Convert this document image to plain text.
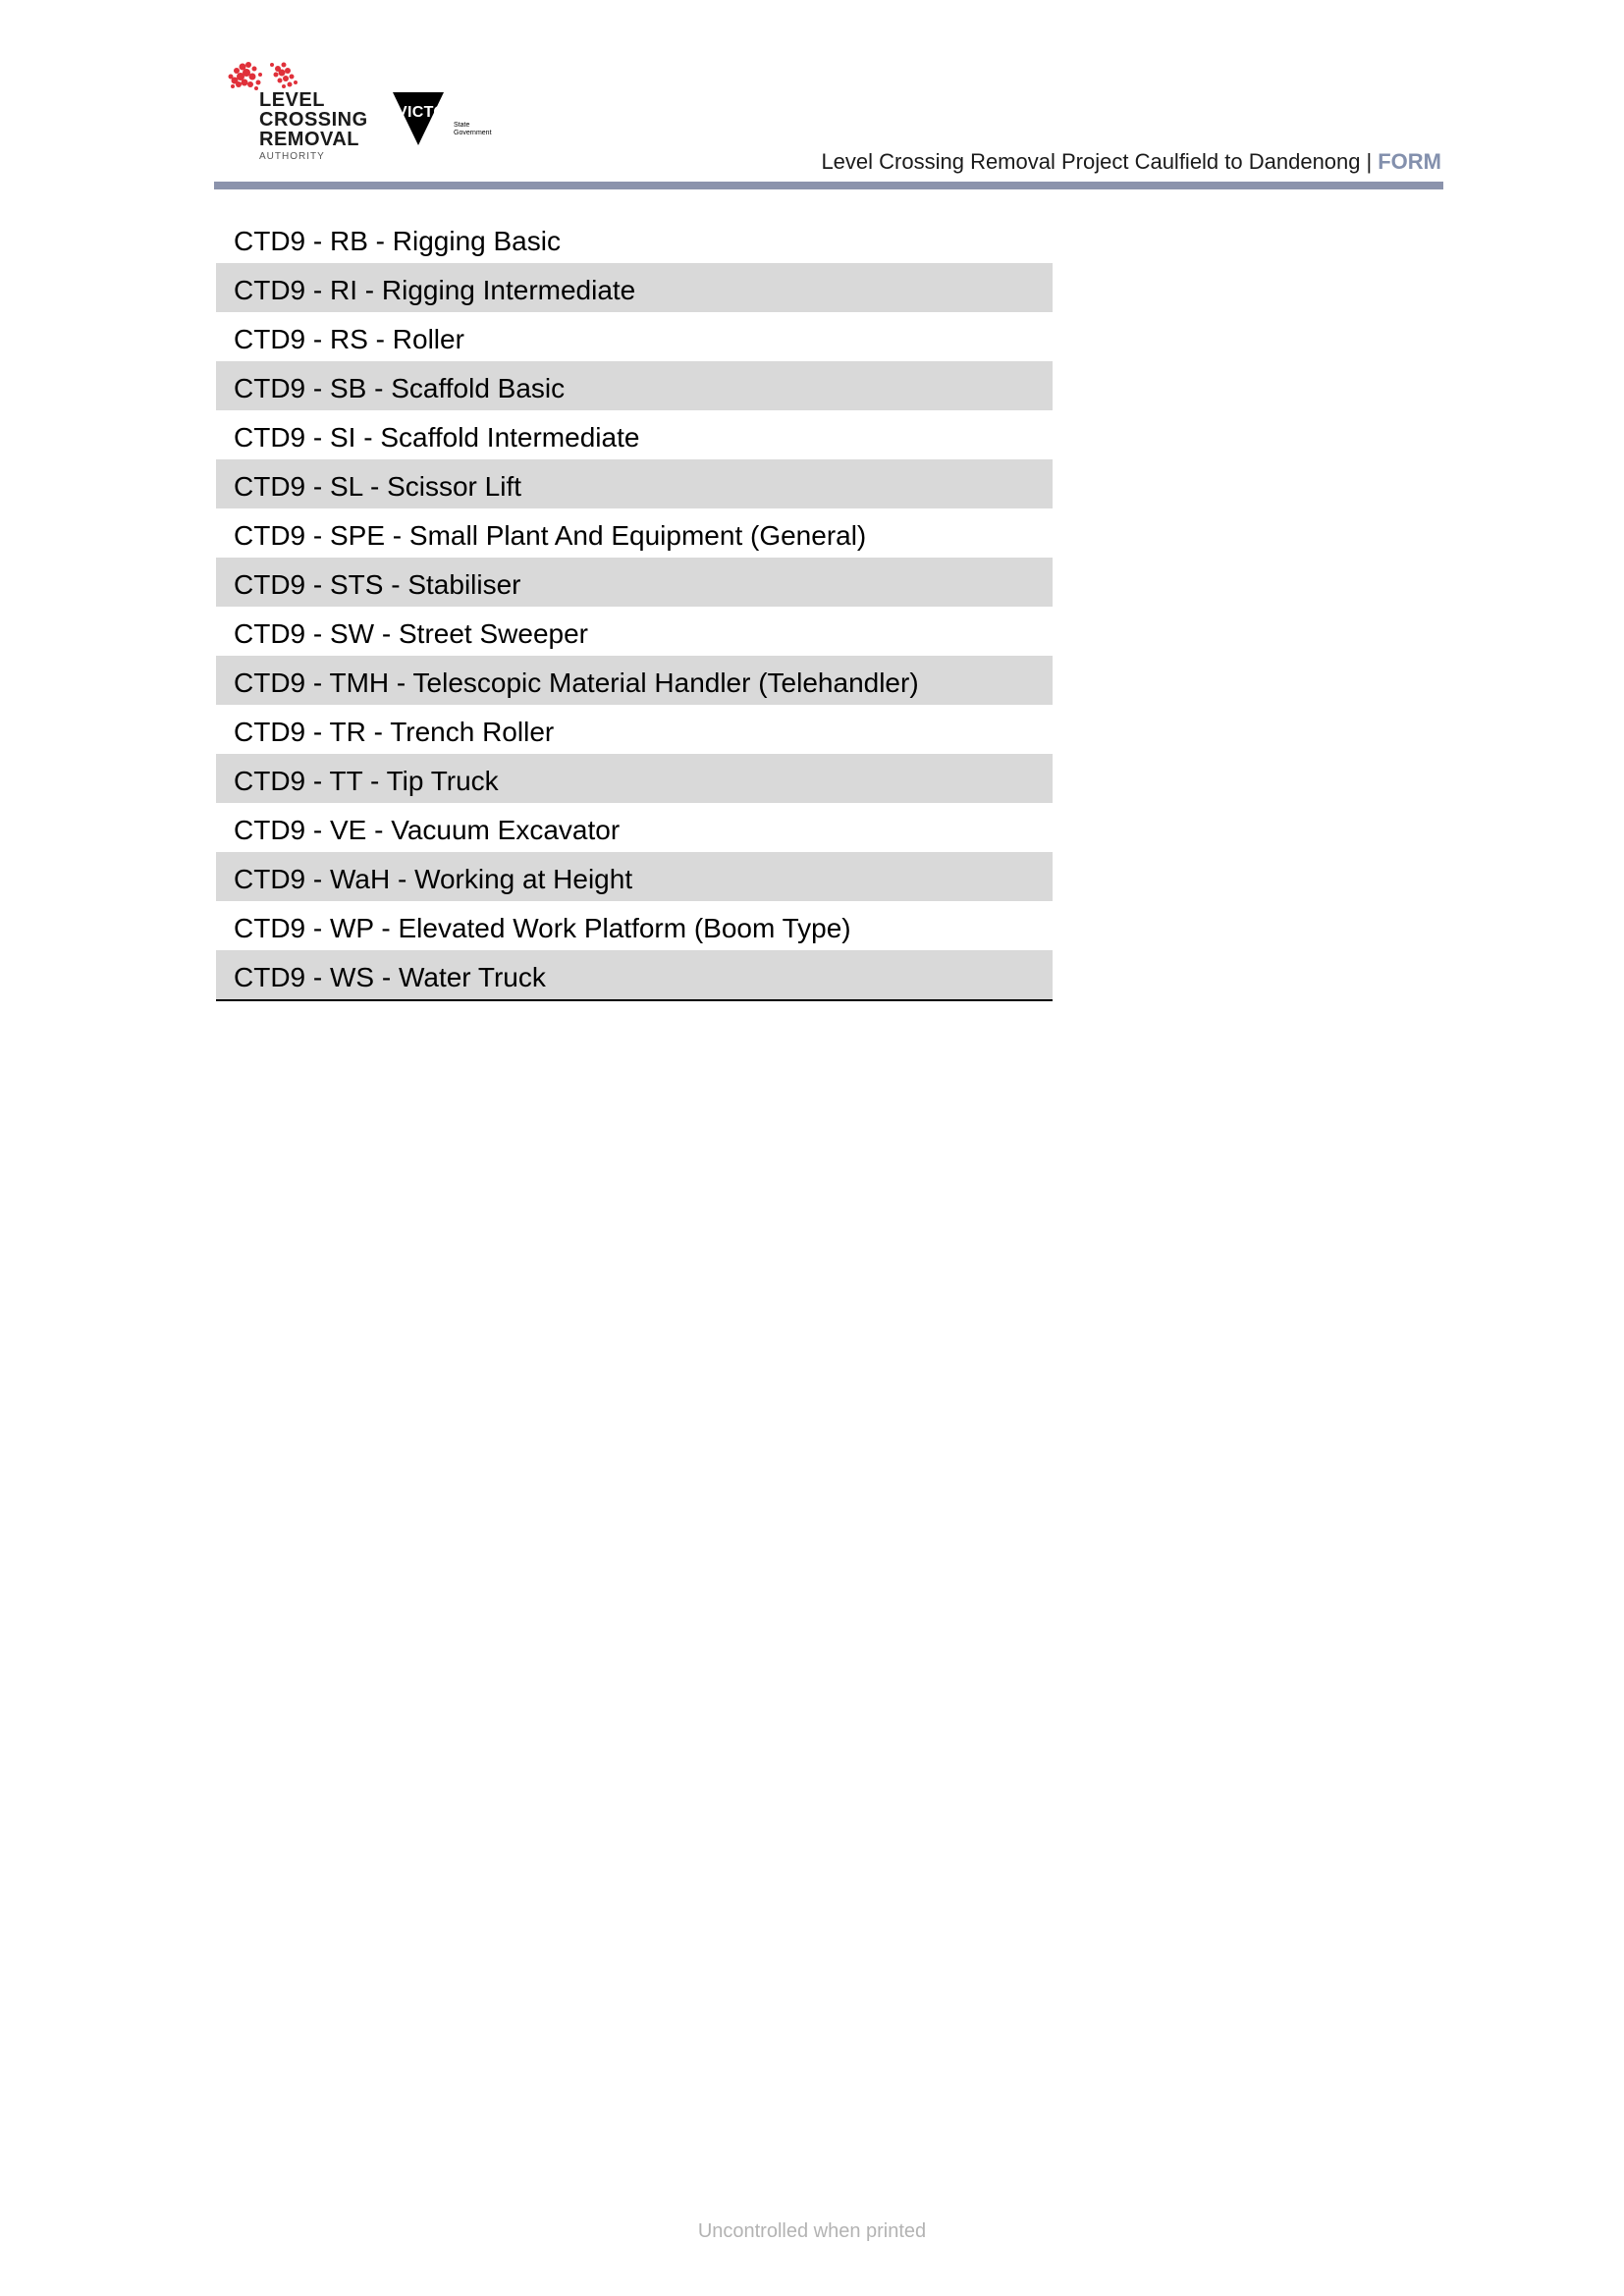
LEVEL
CROSSING
REMOVAL
AUTHORITY
VICTORIA
State
Government
Level Crossing Removal Project Caulfield to Dandenong | FORM
CTD9 - RB - Rigging Basic
CTD9 - RI - Rigging Intermediate
CTD9 - RS - Roller
CTD9 - SB - Scaffold Basic
CTD9 - SI - Scaffold Intermediate
CTD9 - SL - Scissor Lift
CTD9 - SPE - Small Plant And Equipment (General)
CTD9 - STS - Stabiliser
CTD9 - SW - Street Sweeper
CTD9 - TMH - Telescopic Material Handler (Telehandler)
CTD9 - TR - Trench Roller
CTD9 - TT - Tip Truck
CTD9 - VE - Vacuum Excavator
CTD9 - WaH - Working at Height
CTD9 - WP - Elevated Work Platform (Boom Type)
CTD9 - WS - Water Truck
Uncontrolled when printed
